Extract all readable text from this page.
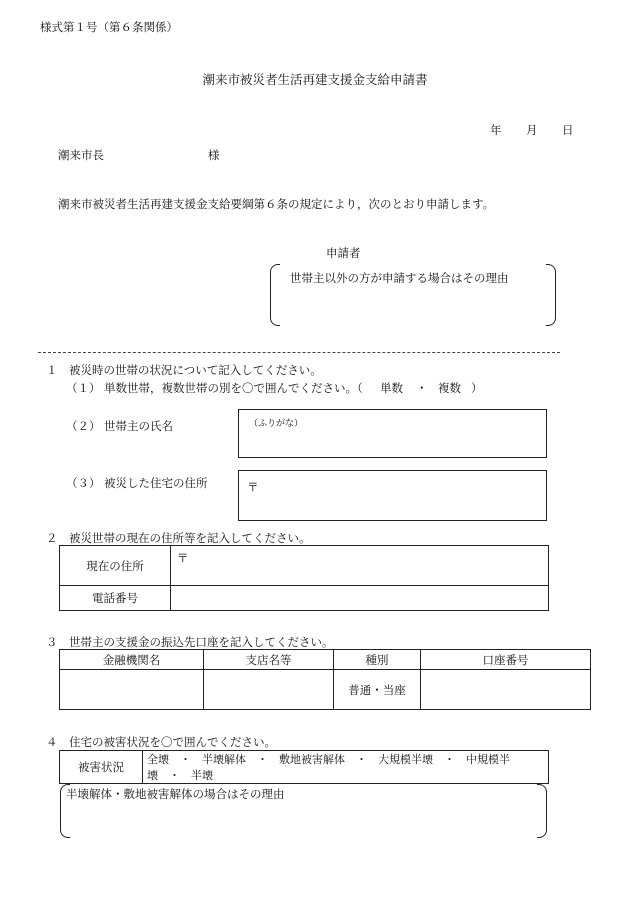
様式第１号（第６条関係）
潮来市被災者生活再建支援金支給申請書
年 月 日
潮来市長	様
潮来市被災者生活再建支援金支給要綱第６条の規定により，次のとおり申請します。
申請者
世帯主以外の方が申請する場合はその理由
１　被災時の世帯の状況について記入してください。
（１） 単数世帯，複数世帯の別を〇で囲んでください。（ 単数 ・ 複数 ）
（２） 世帯主の氏名	（ふりがな）
（３） 被災した住宅の住所	〒
２　被災世帯の現在の住所等を記入してください。
現在の住所	〒
電話番号	
３　世帯主の支援金の振込先口座を記入してください。
金融機関名	支店名等	種別	口座番号
		普通・当座	
４　住宅の被害状況を〇で囲んでください。
被害状況	全壊　・　半壊解体　・　敷地被害解体　・　大規模半壊　・　中規模半壊　・　半壊
半壊解体・敷地被害解体の場合はその理由
